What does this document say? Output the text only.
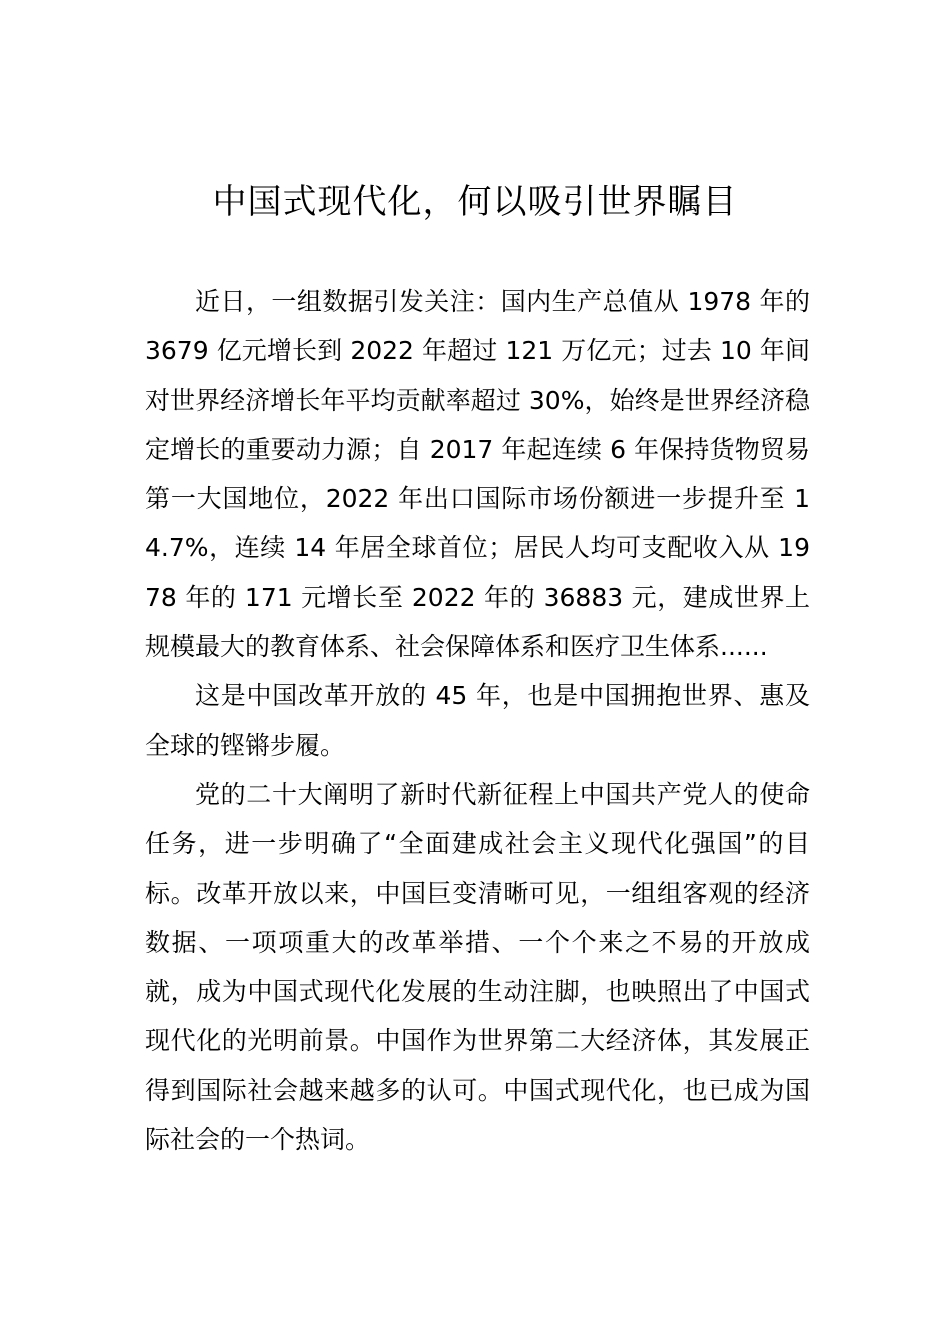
中国式现代化，何以吸引世界瞩目

近日，一组数据引发关注：国内生产总值从 1978 年的 3679 亿元增长到 2022 年超过 121 万亿元；过去 10 年间对世界经济增长年平均贡献率超过 30%，始终是世界经济稳定增长的重要动力源；自 2017 年起连续 6 年保持货物贸易第一大国地位，2022 年出口国际市场份额进一步提升至 14.7%，连续 14 年居全球首位；居民人均可支配收入从 1978 年的 171 元增长至 2022 年的 36883 元，建成世界上规模最大的教育体系、社会保障体系和医疗卫生体系......

这是中国改革开放的 45 年，也是中国拥抱世界、惠及全球的铿锵步履。

党的二十大阐明了新时代新征程上中国共产党人的使命任务，进一步明确了“全面建成社会主义现代化强国”的目标。改革开放以来，中国巨变清晰可见，一组组客观的经济数据、一项项重大的改革举措、一个个来之不易的开放成就，成为中国式现代化发展的生动注脚，也映照出了中国式现代化的光明前景。中国作为世界第二大经济体，其发展正得到国际社会越来越多的认可。中国式现代化，也已成为国际社会的一个热词。
